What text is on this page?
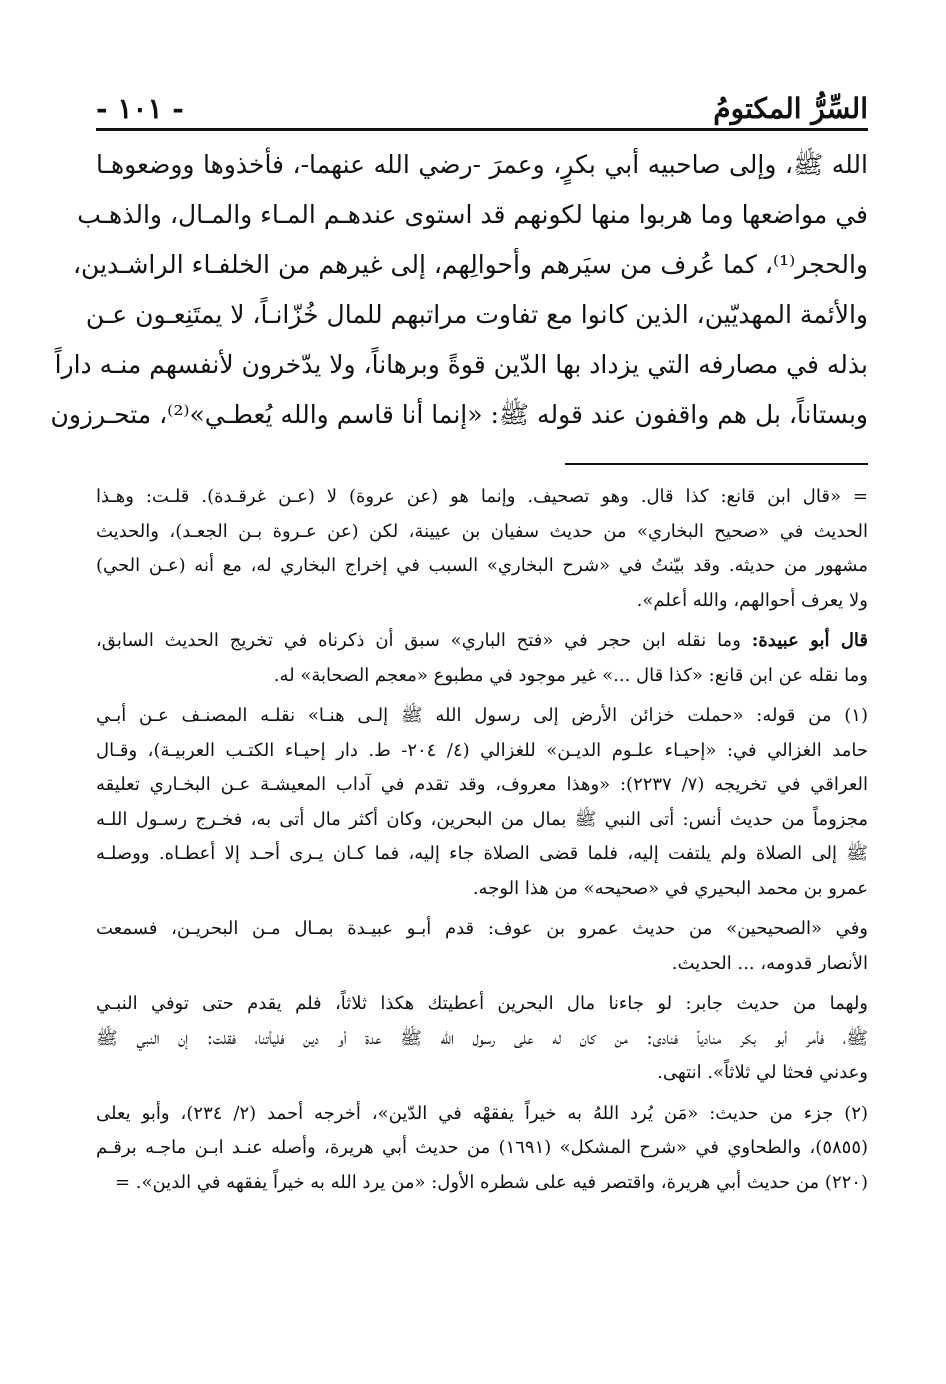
السِّرُّ المكتومُ
- ١٠١ -
الله ﷺ، وإلى صاحبيه أبي بكرٍ، وعمرَ -رضي الله عنهما-، فأخذوها ووضعوهـا
في مواضعها وما هربوا منها لكونهم قد استوى عندهـم المـاء والمـال، والذهـب
والحجر⁽¹⁾، كما عُرف من سيَرهم وأحوالِهم، إلى غيرهم من الخلفـاء الراشـدين،
والأئمة المهديّين، الذين كانوا مع تفاوت مراتبهم للمال خُزّانـاً، لا يمتَنِعـون عـن
بذله في مصارفه التي يزداد بها الدّين قوةً وبرهاناً، ولا يدّخرون لأنفسهم منـه داراً
وبستاناً، بل هم واقفون عند قوله ﷺ: «إنما أنا قاسم والله يُعطـي»⁽²⁾، متحـرزون
= «قال ابن قانع: كذا قال. وهو تصحيف. وإنما هو (عن عروة) لا (عـن غرقـدة). قلـت: وهـذا
الحديث في «صحيح البخاري» من حديث سفيان بن عيينة، لكن (عن عـروة بـن الجعـد)، والحديث
مشهور من حديثه. وقد بيّنتُ في «شرح البخاري» السبب في إخراج البخاري له، مع أنه (عـن الحي)
ولا يعرف أحوالهم، والله أعلم».
قال أبو عبيدة: وما نقله ابن حجر في «فتح الباري» سبق أن ذكرناه في تخريج الحديث السابق،
وما نقله عن ابن قانع: «كذا قال ...» غير موجود في مطبوع «معجم الصحابة» له.
(١) من قوله: «حملت خزائن الأرض إلى رسول الله ﷺ إلـى هنـا» نقلـه المصنـف عـن أبـي
حامد الغزالي في: «إحيـاء علـوم الديـن» للغزالي (٤/ ٢٠٤- ط. دار إحيـاء الكتـب العربيـة)، وقـال
العراقي في تخريجه (٧/ ٢٢٣٧): «وهذا معروف، وقد تقدم في آداب المعيشـة عـن البخـاري تعليقه
مجزوماً من حديث أنس: أتى النبي ﷺ بمال من البحرين، وكان أكثر مال أتى به، فخـرج رسـول اللـه
ﷺ إلى الصلاة ولم يلتفت إليه، فلما قضى الصلاة جاء إليه، فما كـان يـرى أحـد إلا أعطـاه. ووصلـه
عمرو بن محمد البحيري في «صحيحه» من هذا الوجه.
وفي «الصحيحين» من حديث عمرو بن عوف: قدم أبـو عبيـدة بمـال مـن البحريـن، فسمعت
الأنصار قدومه، ... الحديث.
ولهما من حديث جابر: لو جاءنا مال البحرين أعطيتك هكذا ثلاثاً، فلم يقدم حتى توفي النبـي
ﷺ، فأمر أبو بكر منادياً فنادى: من كان له على رسول الله ﷺ عدة أو دين فليأتنا، فقلت: إن النبي ﷺ
وعدني فحثا لي ثلاثاً». انتهى.
(٢) جزء من حديث: «مَن يُرد اللهُ به خيراً يفقهْه في الدّين»، أخرجه أحمد (٢/ ٢٣٤)، وأبو يعلى
(٥٨٥٥)، والطحاوي في «شرح المشكل» (١٦٩١) من حديث أبي هريرة، وأصله عنـد ابـن ماجـه برقـم
(٢٢٠) من حديث أبي هريرة، واقتصر فيه على شطره الأول: «من يرد الله به خيراً يفقهه في الدين». =
